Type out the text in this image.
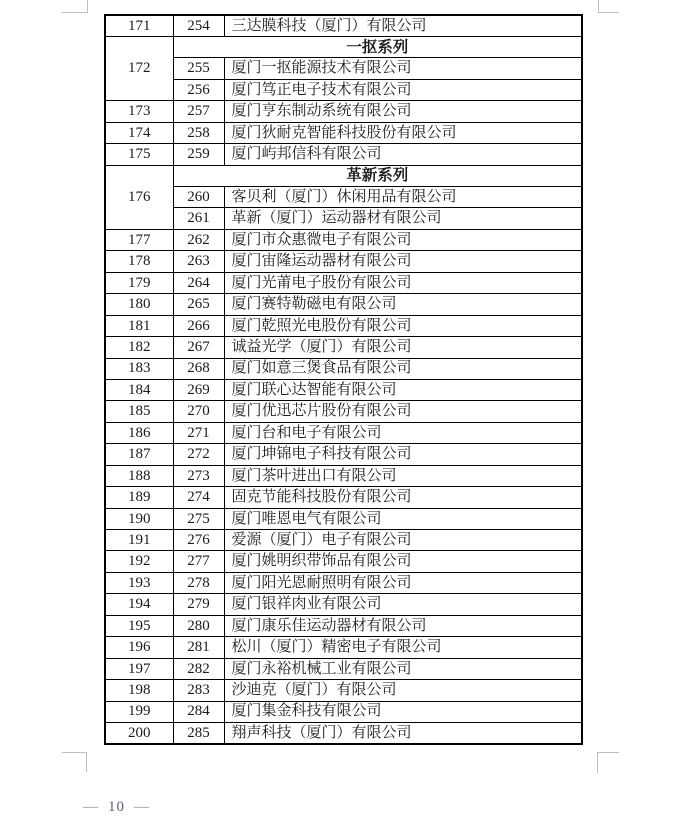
171	254	三达膜科技（厦门）有限公司
172	一抠系列	
	255	厦门一抠能源技术有限公司
	256	厦门笃正电子技术有限公司
173	257	厦门亨东制动系统有限公司
174	258	厦门狄耐克智能科技股份有限公司
175	259	厦门屿邦信科有限公司
176	革新系列	
	260	客贝利（厦门）休闲用品有限公司
	261	革新（厦门）运动器材有限公司
177	262	厦门市众惠微电子有限公司
178	263	厦门宙隆运动器材有限公司
179	264	厦门光莆电子股份有限公司
180	265	厦门赛特勒磁电有限公司
181	266	厦门乾照光电股份有限公司
182	267	诚益光学（厦门）有限公司
183	268	厦门如意三煲食品有限公司
184	269	厦门联心达智能有限公司
185	270	厦门优迅芯片股份有限公司
186	271	厦门台和电子有限公司
187	272	厦门坤锦电子科技有限公司
188	273	厦门茶叶进出口有限公司
189	274	固克节能科技股份有限公司
190	275	厦门唯恩电气有限公司
191	276	爱源（厦门）电子有限公司
192	277	厦门姚明织带饰品有限公司
193	278	厦门阳光恩耐照明有限公司
194	279	厦门银祥肉业有限公司
195	280	厦门康乐佳运动器材有限公司
196	281	松川（厦门）精密电子有限公司
197	282	厦门永裕机械工业有限公司
198	283	沙迪克（厦门）有限公司
199	284	厦门集金科技有限公司
200	285	翔声科技（厦门）有限公司
— 10 —
